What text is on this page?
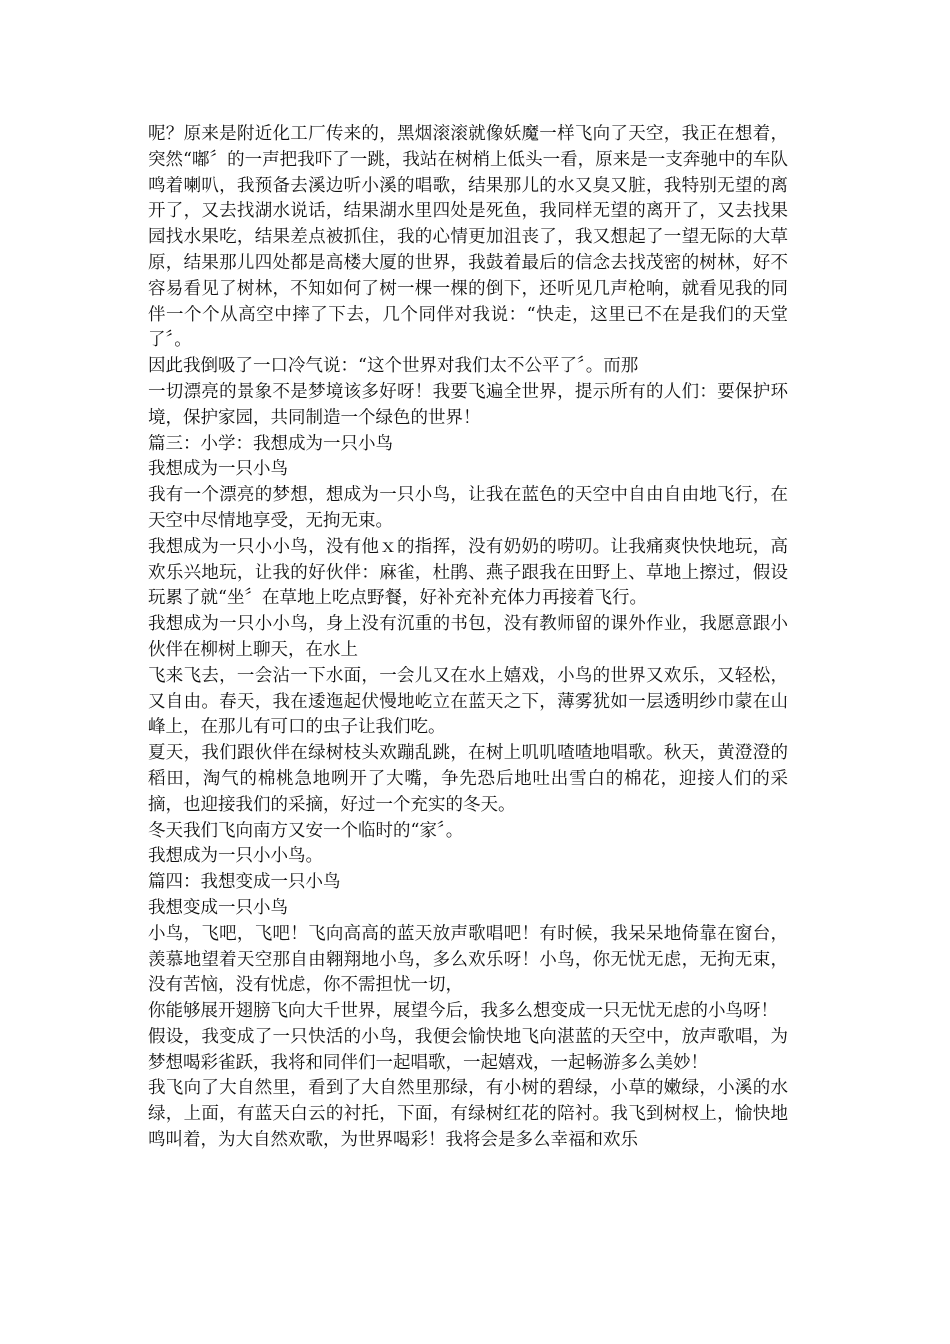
呢？原来是附近化工厂传来的，黑烟滚滚就像妖魔一样飞向了天空，我正在想着，突然“嘟〞的一声把我吓了一跳，我站在树梢上低头一看，原来是一支奔驰中的车队鸣着喇叭，我预备去溪边听小溪的唱歌，结果那儿的水又臭又脏，我特别无望的离开了，又去找湖水说话，结果湖水里四处是死鱼，我同样无望的离开了，又去找果园找水果吃，结果差点被抓住，我的心情更加沮丧了，我又想起了一望无际的大草原，结果那儿四处都是高楼大厦的世界，我鼓着最后的信念去找茂密的树林，好不容易看见了树林，不知如何了树一棵一棵的倒下，还听见几声枪响，就看见我的同伴一个个从高空中摔了下去，几个同伴对我说：“快走，这里已不在是我们的天堂了〞。

因此我倒吸了一口冷气说：“这个世界对我们太不公平了〞。而那

一切漂亮的景象不是梦境该多好呀！我要飞遍全世界，提示所有的人们：要保护环境，保护家园，共同制造一个绿色的世界！

篇三：小学：我想成为一只小鸟

我想成为一只小鸟

我有一个漂亮的梦想，想成为一只小鸟，让我在蓝色的天空中自由自由地飞行，在天空中尽情地享受，无拘无束。

我想成为一只小小鸟，没有他ｘ的指挥，没有奶奶的唠叨。让我痛爽快快地玩，高欢乐兴地玩，让我的好伙伴：麻雀，杜鹃、燕子跟我在田野上、草地上擦过，假设玩累了就“坐〞在草地上吃点野餐，好补充补充体力再接着飞行。

我想成为一只小小鸟，身上没有沉重的书包，没有教师留的课外作业，我愿意跟小伙伴在柳树上聊天，在水上

飞来飞去，一会沾一下水面，一会儿又在水上嬉戏，小鸟的世界又欢乐，又轻松，又自由。春天，我在逶迤起伏慢地屹立在蓝天之下，薄雾犹如一层透明纱巾蒙在山峰上，在那儿有可口的虫子让我们吃。

夏天，我们跟伙伴在绿树枝头欢蹦乱跳，在树上叽叽喳喳地唱歌。秋天，黄澄澄的稻田，淘气的棉桃急地咧开了大嘴，争先恐后地吐出雪白的棉花，迎接人们的采摘，也迎接我们的采摘，好过一个充实的冬天。

冬天我们飞向南方又安一个临时的“家〞。

我想成为一只小小鸟。

篇四：我想变成一只小鸟

我想变成一只小鸟

小鸟，飞吧，飞吧！飞向高高的蓝天放声歌唱吧！有时候，我呆呆地倚靠在窗台，羡慕地望着天空那自由翱翔地小鸟，多么欢乐呀！小鸟，你无忧无虑，无拘无束，没有苦恼，没有忧虑，你不需担忧一切，

你能够展开翅膀飞向大千世界，展望今后，我多么想变成一只无忧无虑的小鸟呀！

假设，我变成了一只快活的小鸟，我便会愉快地飞向湛蓝的天空中，放声歌唱，为梦想喝彩雀跃，我将和同伴们一起唱歌，一起嬉戏，一起畅游多么美妙！

我飞向了大自然里，看到了大自然里那绿，有小树的碧绿，小草的嫩绿，小溪的水绿，上面，有蓝天白云的衬托，下面，有绿树红花的陪衬。我飞到树杈上，愉快地鸣叫着，为大自然欢歌，为世界喝彩！我将会是多么幸福和欢乐
